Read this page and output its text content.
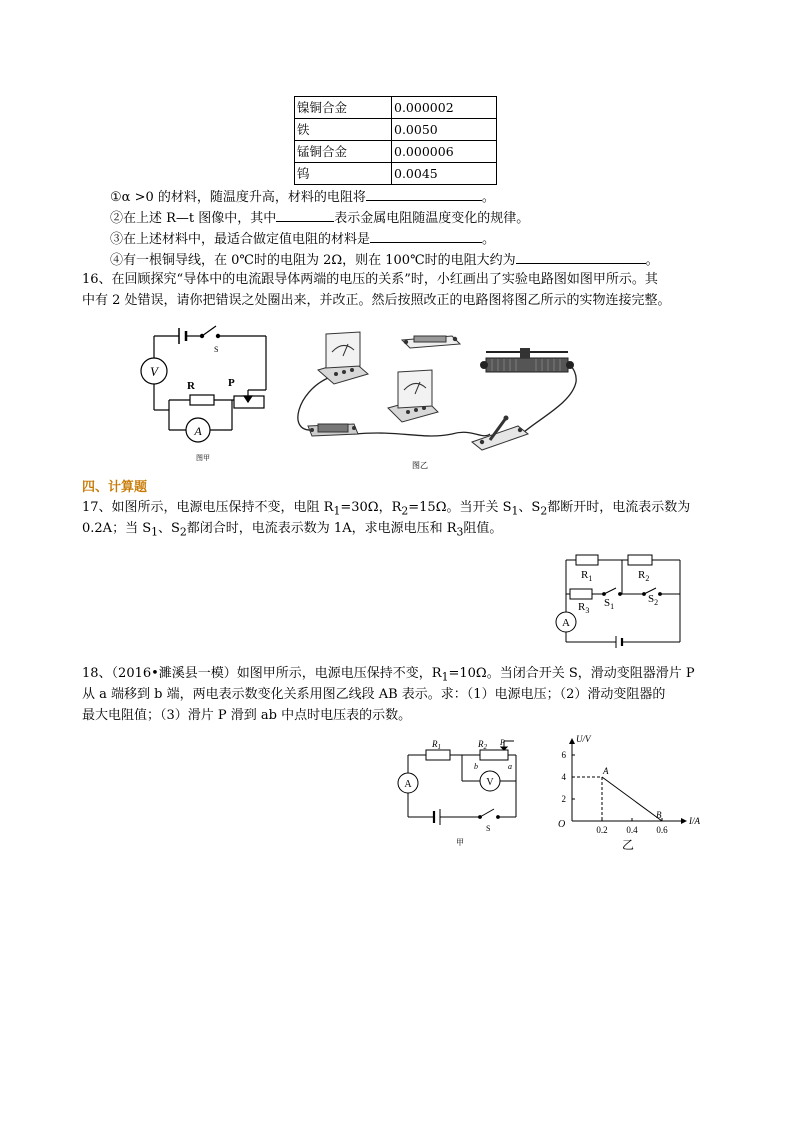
镍铜合金	0.000002
铁	0.0050
锰铜合金	0.000006
钨	0.0045
①α >0 的材料，随温度升高，材料的电阻将	。
②在上述 R—t 图像中，其中	表示金属电阻随温度变化的规律。
③在上述材料中，最适合做定值电阻的材料是	。
④有一根铜导线，在 0℃时的电阻为 2Ω，则在 100℃时的电阻大约为	。
16、在回顾探究“导体中的电流跟导体两端的电压的关系”时，小红画出了实验电路图如图甲所示。其
中有 2 处错误，请你把错误之处圈出来，并改正。然后按照改正的电路图将图乙所示的实物连接完整。
V
A
S
R	P
图甲
图乙
四、计算题
17、如图所示，电源电压保持不变，电阻 $R_1=30\Omega$，$R_2=15\Omega$。当开关 $S_1$、$S_2$都断开时，电流表示数为
0.2A；当 $S_1$、$S_2$都闭合时，电流表示数为 1A，求电源电压和 $R_3$阻值。
A
$R_1$	$R_2$
$R_3$
$S_1$
$S_2$
18、（2016•濉溪县一模）如图甲所示，电源电压保持不变，$R_1=10\Omega$。当闭合开关 S，滑动变阻器滑片 P
从 a 端移到 b 端，两电表示数变化关系用图乙线段 AB 表示。求：（1）电源电压；（2）滑动变阻器的
最大电阻值；（3）滑片 P 滑到 ab 中点时电压表的示数。
A	V
$R_1$	$R_2$ P
b	a
S
甲
U/V
I/A
O	0.2 0.4 0.6
2
4
6
A
B
乙
